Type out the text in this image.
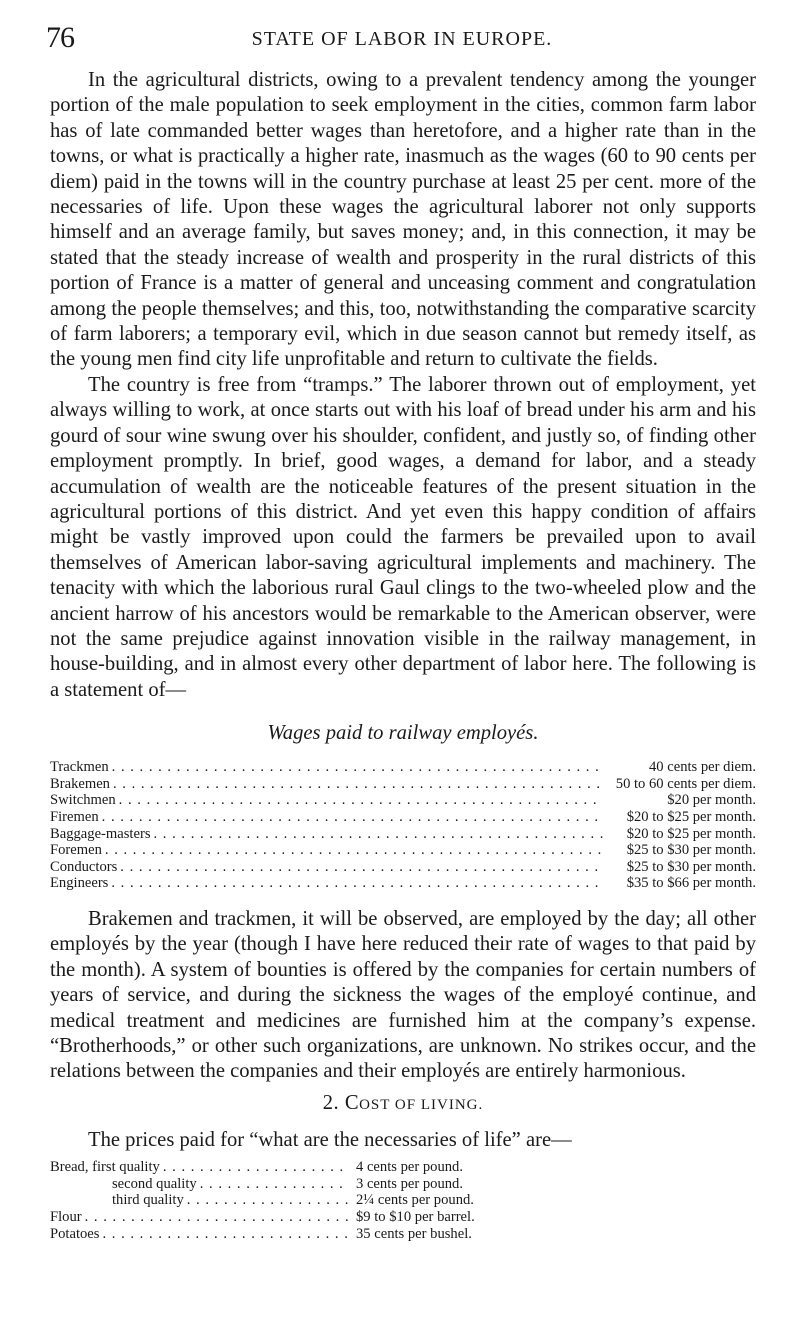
76	STATE OF LABOR IN EUROPE.

In the agricultural districts, owing to a prevalent tendency among the younger portion of the male population to seek employment in the cities, common farm labor has of late commanded better wages than heretofore, and a higher rate than in the towns, or what is practically a higher rate, inasmuch as the wages (60 to 90 cents per diem) paid in the towns will in the country purchase at least 25 per cent. more of the necessaries of life. Upon these wages the agricultural laborer not only supports himself and an average family, but saves money; and, in this connection, it may be stated that the steady increase of wealth and prosperity in the rural districts of this portion of France is a matter of general and unceasing comment and congratulation among the people themselves; and this, too, notwithstanding the comparative scarcity of farm laborers; a temporary evil, which in due season cannot but remedy itself, as the young men find city life unprofitable and return to cultivate the fields.

The country is free from “tramps.” The laborer thrown out of employment, yet always willing to work, at once starts out with his loaf of bread under his arm and his gourd of sour wine swung over his shoulder, confident, and justly so, of finding other employment promptly. In brief, good wages, a demand for labor, and a steady accumulation of wealth are the noticeable features of the present situation in the agricultural portions of this district. And yet even this happy condition of affairs might be vastly improved upon could the farmers be prevailed upon to avail themselves of American labor-saving agricultural implements and machinery. The tenacity with which the laborious rural Gaul clings to the two-wheeled plow and the ancient harrow of his ancestors would be remarkable to the American observer, were not the same prejudice against innovation visible in the railway management, in house-building, and in almost every other department of labor here. The following is a statement of—

Wages paid to railway employés.
Trackmen . . .	40 cents per diem.
Brakemen . . .	50 to 60 cents per diem.
Switchmen . . .	$20 per month.
Firemen . . .	$20 to $25 per month.
Baggage-masters . . .	$20 to $25 per month.
Foremen . . .	$25 to $30 per month.
Conductors . . .	$25 to $30 per month.
Engineers . . .	$35 to $66 per month.

Brakemen and trackmen, it will be observed, are employed by the day; all other employés by the year (though I have here reduced their rate of wages to that paid by the month). A system of bounties is offered by the companies for certain numbers of years of service, and during the sickness the wages of the employé continue, and medical treatment and medicines are furnished him at the company’s expense. “Brotherhoods,” or other such organizations, are unknown. No strikes occur, and the relations between the companies and their employés are entirely harmonious.

2. COST OF LIVING.

The prices paid for “what are the necessaries of life” are—

Bread, first quality . . .	4 cents per pound.
second quality . . .	3 cents per pound.
third quality . . .	2¼ cents per pound.
Flour . . .	$9 to $10 per barrel.
Potatoes . . .	35 cents per bushel.
